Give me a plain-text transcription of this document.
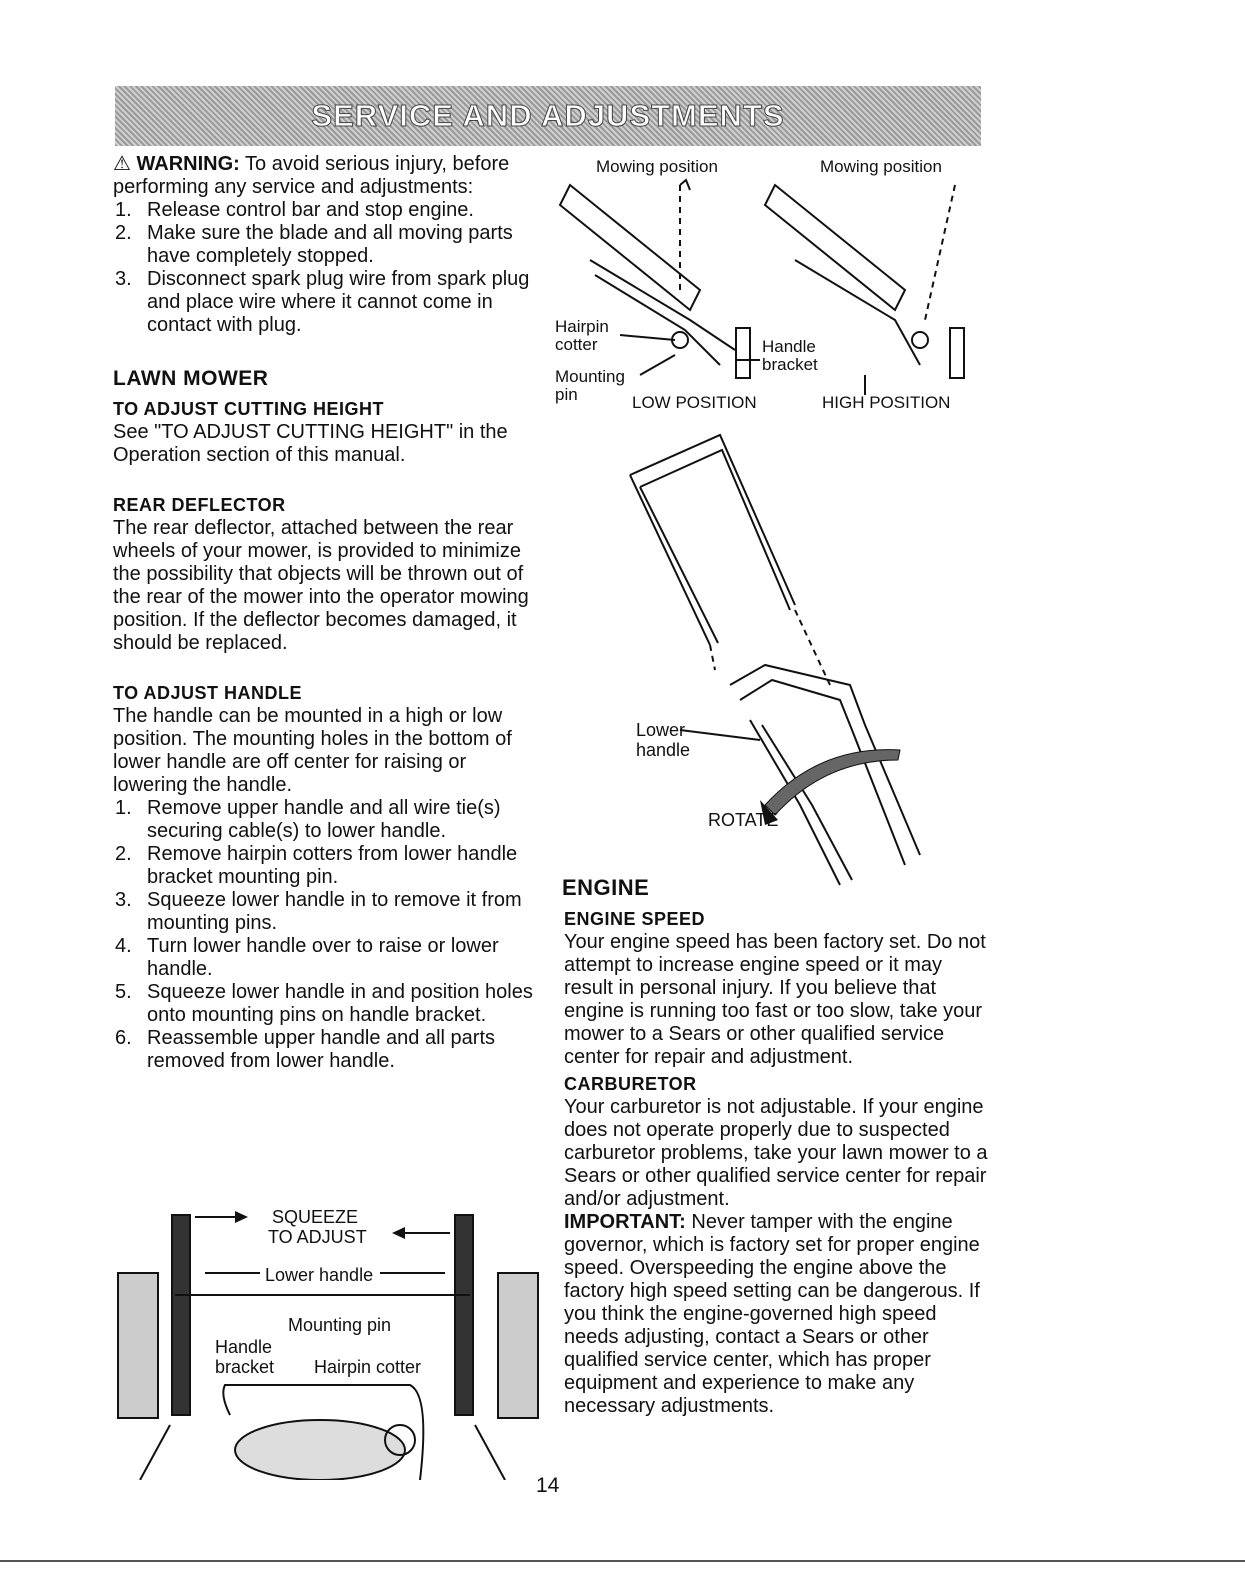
SERVICE AND ADJUSTMENTS

⚠ WARNING: To avoid serious injury, before performing any service and adjustments:

1. Release control bar and stop engine.
2. Make sure the blade and all moving parts have completely stopped.
3. Disconnect spark plug wire from spark plug and place wire where it cannot come in contact with plug.
LAWN MOWER
TO ADJUST CUTTING HEIGHT

See "TO ADJUST CUTTING HEIGHT" in the Operation section of this manual.

REAR DEFLECTOR

The rear deflector, attached between the rear wheels of your mower, is provided to minimize the possibility that objects will be thrown out of the rear of the mower into the operator mowing position. If the deflector becomes damaged, it should be replaced.

TO ADJUST HANDLE

The handle can be mounted in a high or low position. The mounting holes in the bottom of lower handle are off center for raising or lowering the handle.

1. Remove upper handle and all wire tie(s) securing cable(s) to lower handle.
2. Remove hairpin cotters from lower handle bracket mounting pin.
3. Squeeze lower handle in to remove it from mounting pins.
4. Turn lower handle over to raise or lower handle.
5. Squeeze lower handle in and position holes onto mounting pins on handle bracket.
6. Reassemble upper handle and all parts removed from lower handle.
Mowing position	Mowing position
Hairpin cotter
Mounting pin
Handle bracket
LOW POSITION	HIGH POSITION
Lower handle
ROTATE
SQUEEZE
TO ADJUST
Lower handle
Mounting pin
Handle
bracket Hairpin cotter
ENGINE
ENGINE SPEED

Your engine speed has been factory set. Do not attempt to increase engine speed or it may result in personal injury. If you believe that engine is running too fast or too slow, take your mower to a Sears or other qualified service center for repair and adjustment.

CARBURETOR

Your carburetor is not adjustable. If your engine does not operate properly due to suspected carburetor problems, take your lawn mower to a Sears or other qualified service center for repair and/or adjustment.

IMPORTANT: Never tamper with the engine governor, which is factory set for proper engine speed. Overspeeding the engine above the factory high speed setting can be dangerous. If you think the engine-governed high speed needs adjusting, contact a Sears or other qualified service center, which has proper equipment and experience to make any necessary adjustments.

14
